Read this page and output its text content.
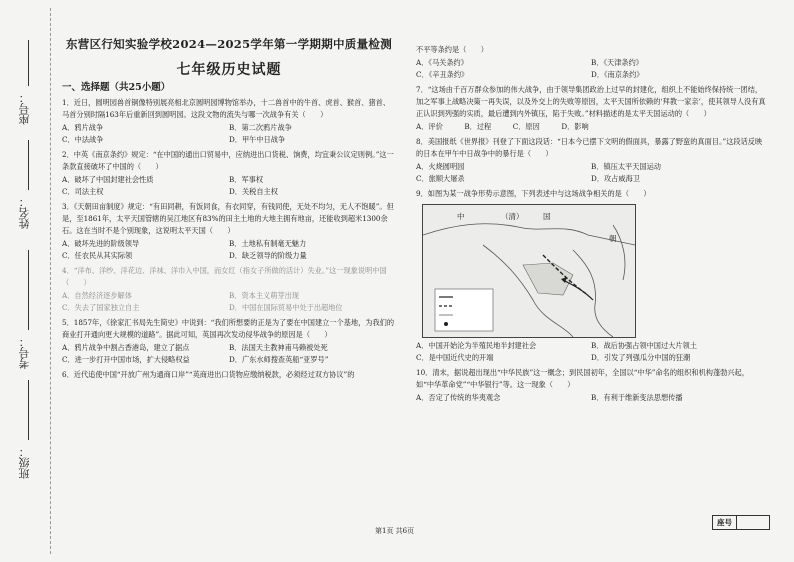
座号：
姓名：
考号：
班级：
东营区行知实验学校2024—2025学年第一学期期中质量检测
七年级历史试题
一、选择题（共25小题）

1．近日，圆明园兽首铜像特别展亮相北京圆明园博物馆举办，十二兽首中的牛首、虎首、猴首、猪首、马首分别时隔163年后重新回到圆明园。这段文物的流失与哪一次战争有关（　　）

A．鸦片战争	B．第二次鸦片战争
C．中法战争	D．甲午中日战争

2．中英《南京条约》规定：“在中国的通出口贸易中，应纳进出口货税、饷费，均宜秉公议定则例。”这一条款直接破坏了中国的（　　）

A．破坏了中国封建社会性质	B．军事权
C．司法主权	D．关税自主权

3．《天朝田亩制度》规定：“有田同耕，有饭同食，有衣同穿，有钱同使，无处不均匀，无人不饱暖”。但是，至1861年，太平天国管辖的吴江地区有83%的田主土地的大地主拥有地亩，还能收到超米1300余石。这在当时不是个别现象，这说明太平天国（　　）

A．破坏先进的阶级领导	B．土地私有制毫无魅力
C．任农民从其实际领	D．缺乏领导的阶级力量

4．“洋布、洋纱、洋花边、洋袜、洋巾入中国，而女红（指女子所做的活计）失业。”这一现象说明中国（　　）

A．自然经济逐步解体	B．资本主义萌芽出现
C．失去了国家独立自主	D．中国在国际贸易中处于出超地位

5．1857年，《徐家汇书局先生简史》中说到：“我们所想要的正是为了要在中国建立一个基地，为我们的商业打开通向更大规模的道路”。据此可知，英国再次发动侵华战争的原因是（　　）

A．鸦片战争中割占香港岛，建立了据点	B．法国天主教神甫马赖被处死
C．进一步打开中国市场，扩大侵略权益	D．广东水师搜查英船“亚罗号”

6．近代追使中国“开放广州为通商口岸”“英商进出口货物应缴纳税款，必须经过双方协议”的

不平等条约是（　　）

A．《马关条约》	B．《天津条约》
C．《辛丑条约》	D．《南京条约》

7．“这场由千百万群众参加的伟大战争，由于领导集团政治上过早的封建化，组织上不能始终保持统一团结，加之军事上战略决策一再失误，以及外交上的失败等原因，太平天国所依赖的‘拜教一家亲’，使其领导人没有真正认识到列强的实质，最后遭到内外镇压，陷于失败。”材料描述的是太平天国运动的（　　）

A．评价　　　B．过程　　　C．原因　　　D．影响

8．美国报纸《世界报》刊登了下面这段话：“日本今已摆下文明的假面具，暴露了野蛮的真面目。”这段话反映的日本在甲午中日战争中的暴行是（　　）

A．火烧圆明园	B．镇压太平天国运动
C．旅顺大屠杀	D．攻占威海卫

9．如图为某一战争形势示意图，下列表述中与这场战争相关的是（　　）

中	（清）	国
朝
A．中国开始沦为半殖民地半封建社会	B．战后协强占领中国过大片领土
C．是中国近代史的开端	D．引发了列强瓜分中国的狂潮

10．清末，据说超出现出“中华民族”这一概念；到民国初年，全国以“中华”命名的组织和机构蓬勃兴起，如“中华革命党”“中华银行”等。这一现象（　　）

A．否定了传统的华夷观念	B．有利于维新变法思想传播
第1页 共6页
座号
